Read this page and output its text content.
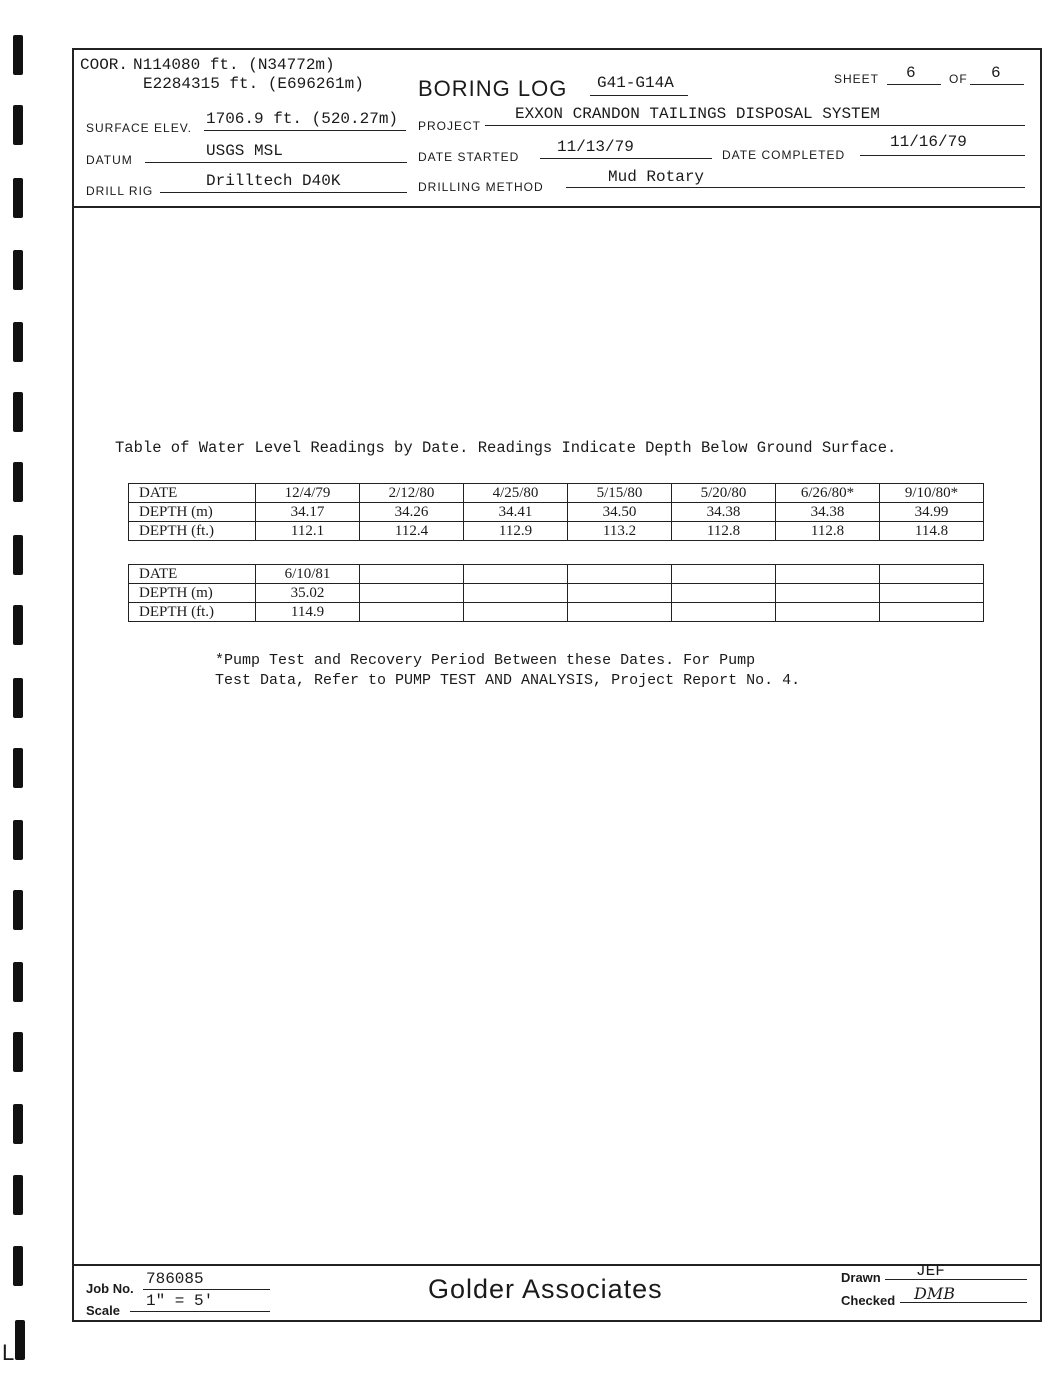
COOR. N114080 ft. (N34772m)
E2284315 ft. (E696261m) BORING LOG G41-G14A	SHEET 6	OF 6
SURFACE ELEV. 1706.9 ft. (520.27m) PROJECT
EXXON CRANDON TAILINGS DISPOSAL SYSTEM
DATUM	USGS MSL	DATE STARTED
11/13/79	DATE COMPLETED
11/16/79
DRILL RIG
Drilltech D40K	DRILLING METHOD
Mud Rotary
Table of Water Level Readings by Date. Readings Indicate Depth Below Ground Surface.
DATE	12/4/79	2/12/80	4/25/80	5/15/80	5/20/80	6/26/80*	9/10/80*
DEPTH (m)	34.17	34.26	34.41	34.50	34.38	34.38	34.99
DEPTH (ft.)	112.1	112.4	112.9	113.2	112.8	112.8	114.8
DATE	6/10/81						
DEPTH (m)	35.02						
DEPTH (ft.)	114.9						
*Pump Test and Recovery Period Between these Dates. For Pump
Test Data, Refer to PUMP TEST AND ANALYSIS, Project Report No. 4.
Job No.
786085
Scale
1" = 5'	Golder Associates	Drawn JEF
Checked DMB
L
